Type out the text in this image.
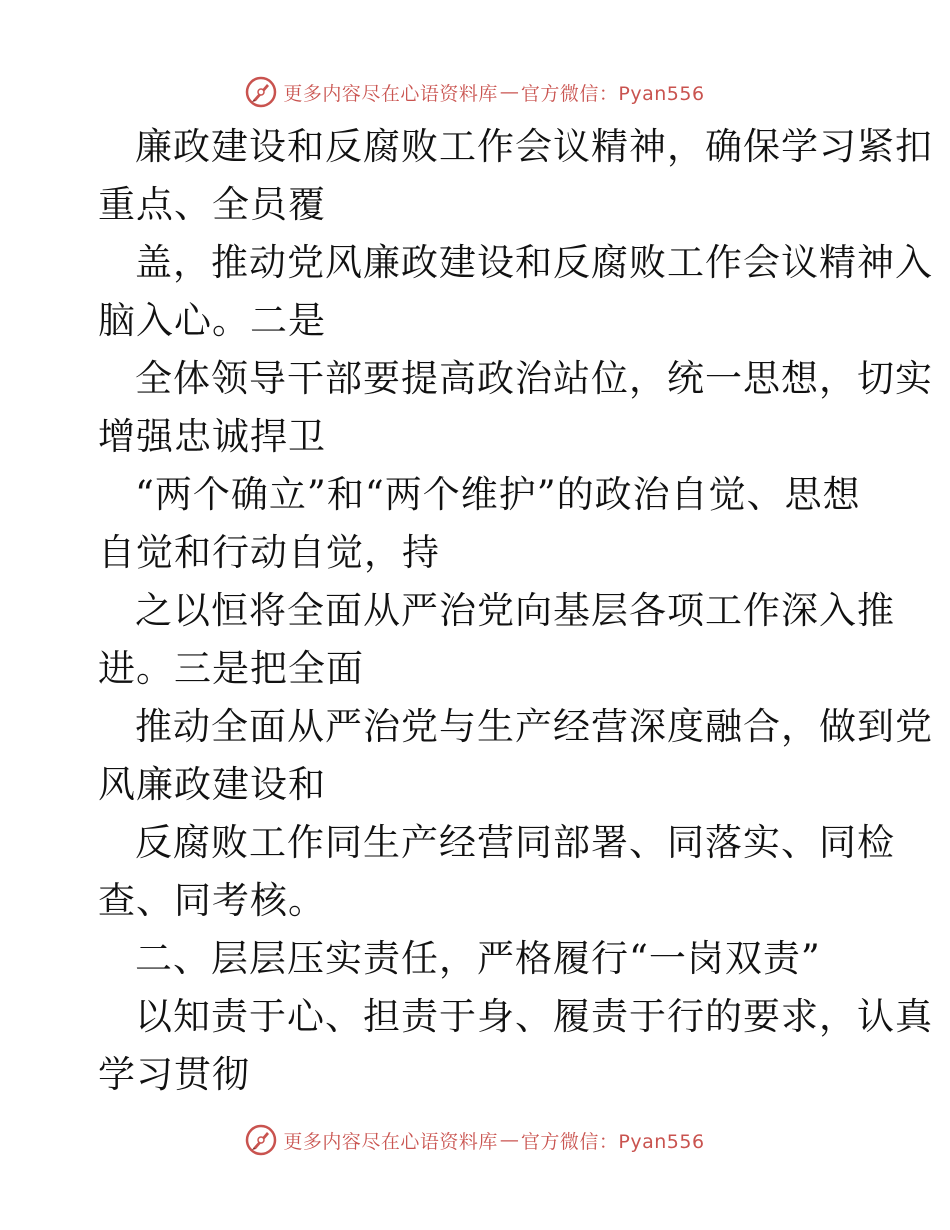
更多内容尽在心语资料库 — 官方微信：Pyan556
廉政建设和反腐败工作会议精神，确保学习紧扣
重点、全员覆
盖，推动党风廉政建设和反腐败工作会议精神入
脑入心。二是
全体领导干部要提高政治站位，统一思想，切实
增强忠诚捍卫
“两个确立”和“两个维护”的政治自觉、思想
自觉和行动自觉，持
之以恒将全面从严治党向基层各项工作深入推
进。三是把全面
推动全面从严治党与生产经营深度融合，做到党
风廉政建设和
反腐败工作同生产经营同部署、同落实、同检
查、同考核。
二、层层压实责任，严格履行“一岗双责”
以知责于心、担责于身、履责于行的要求，认真
学习贯彻
更多内容尽在心语资料库 — 官方微信：Pyan556
